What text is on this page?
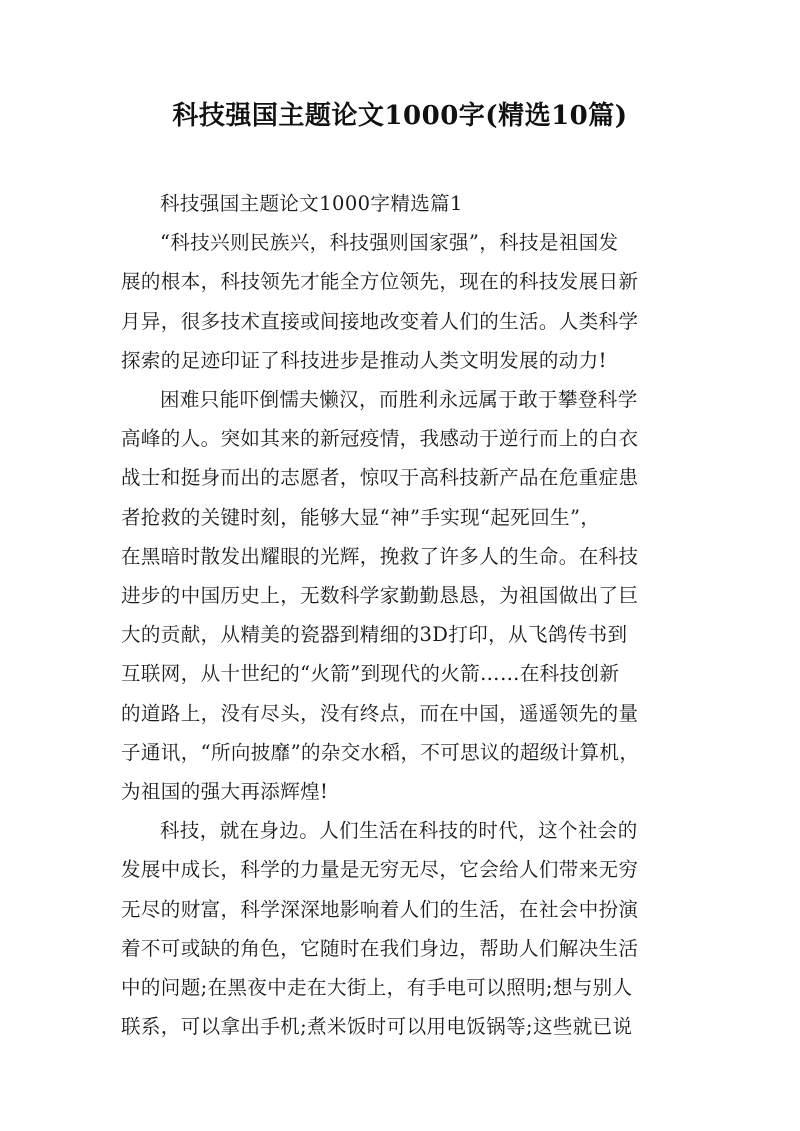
科技强国主题论文1000字(精选10篇)

科技强国主题论文1000字精选篇1

“科技兴则民族兴，科技强则国家强”，科技是祖国发
展的根本，科技领先才能全方位领先，现在的科技发展日新
月异，很多技术直接或间接地改变着人们的生活。人类科学
探索的足迹印证了科技进步是推动人类文明发展的动力!

困难只能吓倒懦夫懒汉，而胜利永远属于敢于攀登科学
高峰的人。突如其来的新冠疫情，我感动于逆行而上的白衣
战士和挺身而出的志愿者，惊叹于高科技新产品在危重症患
者抢救的关键时刻，能够大显“神”手实现“起死回生”，
在黑暗时散发出耀眼的光辉，挽救了许多人的生命。在科技
进步的中国历史上，无数科学家勤勤恳恳，为祖国做出了巨
大的贡献，从精美的瓷器到精细的3D打印，从飞鸽传书到
互联网，从十世纪的“火箭”到现代的火箭……在科技创新
的道路上，没有尽头，没有终点，而在中国，遥遥领先的量
子通讯，“所向披靡”的杂交水稻，不可思议的超级计算机，
为祖国的强大再添辉煌!

科技，就在身边。人们生活在科技的时代，这个社会的
发展中成长，科学的力量是无穷无尽，它会给人们带来无穷
无尽的财富，科学深深地影响着人们的生活，在社会中扮演
着不可或缺的角色，它随时在我们身边，帮助人们解决生活
中的问题;在黑夜中走在大街上，有手电可以照明;想与别人
联系，可以拿出手机;煮米饭时可以用电饭锅等;这些就已说
